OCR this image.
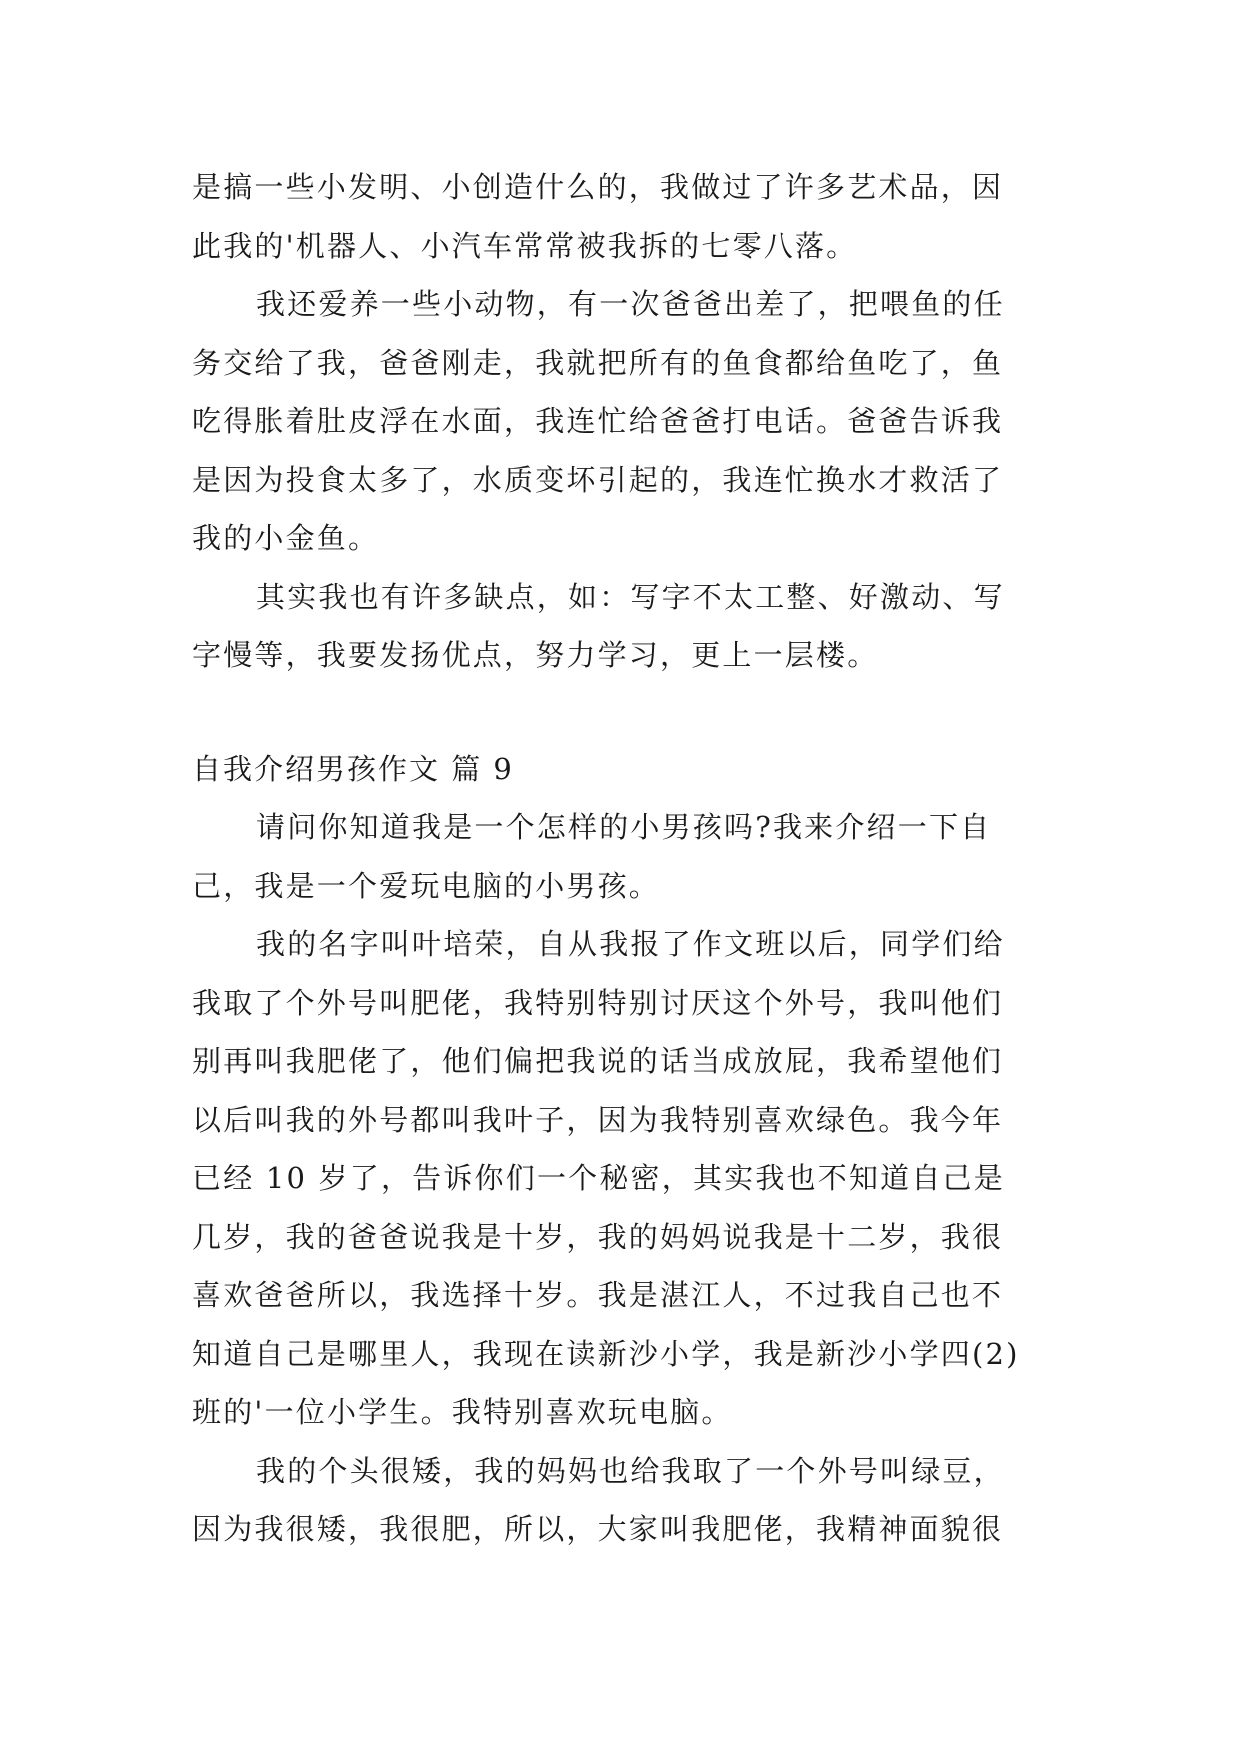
是搞一些小发明、小创造什么的，我做过了许多艺术品，因
此我的'机器人、小汽车常常被我拆的七零八落。
我还爱养一些小动物，有一次爸爸出差了，把喂鱼的任
务交给了我，爸爸刚走，我就把所有的鱼食都给鱼吃了，鱼
吃得胀着肚皮浮在水面，我连忙给爸爸打电话。爸爸告诉我
是因为投食太多了，水质变坏引起的，我连忙换水才救活了
我的小金鱼。
其实我也有许多缺点，如：写字不太工整、好激动、写
字慢等，我要发扬优点，努力学习，更上一层楼。
自我介绍男孩作文 篇 9
请问你知道我是一个怎样的小男孩吗?我来介绍一下自
己，我是一个爱玩电脑的小男孩。
我的名字叫叶培荣，自从我报了作文班以后，同学们给
我取了个外号叫肥佬，我特别特别讨厌这个外号，我叫他们
别再叫我肥佬了，他们偏把我说的话当成放屁，我希望他们
以后叫我的外号都叫我叶子，因为我特别喜欢绿色。我今年
已经 10 岁了，告诉你们一个秘密，其实我也不知道自己是
几岁，我的爸爸说我是十岁，我的妈妈说我是十二岁，我很
喜欢爸爸所以，我选择十岁。我是湛江人，不过我自己也不
知道自己是哪里人，我现在读新沙小学，我是新沙小学四(2)
班的'一位小学生。我特别喜欢玩电脑。
我的个头很矮，我的妈妈也给我取了一个外号叫绿豆，
因为我很矮，我很肥，所以，大家叫我肥佬，我精神面貌很
